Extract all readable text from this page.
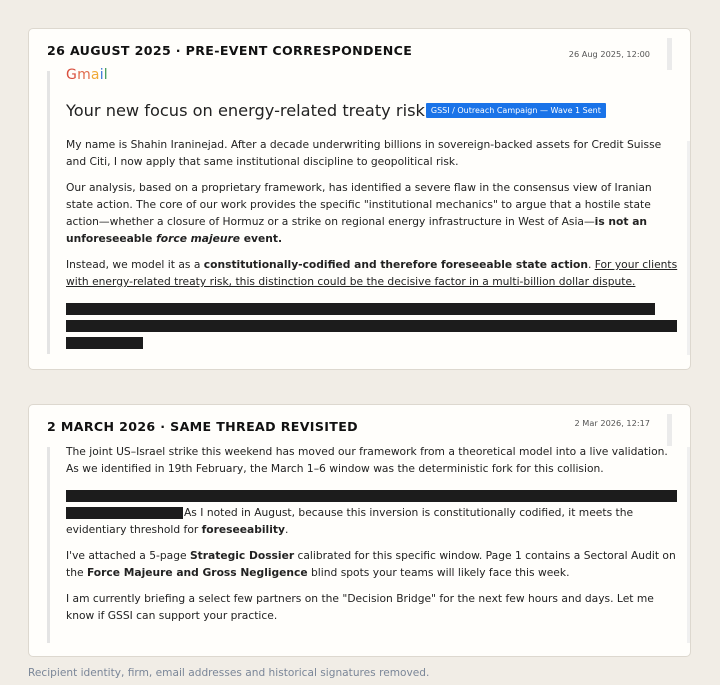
26 AUGUST 2025 · PRE-EVENT CORRESPONDENCE	26 Aug 2025, 12:00
Gmail
Your new focus on energy-related treaty risk GSSI / Outreach Campaign — Wave 1 Sent

My name is Shahin Iraninejad. After a decade underwriting billions in sovereign-backed assets for Credit Suisse and Citi, I now apply that same institutional discipline to geopolitical risk.

Our analysis, based on a proprietary framework, has identified a severe flaw in the consensus view of Iranian state action. The core of our work provides the specific "institutional mechanics" to argue that a hostile state action—whether a closure of Hormuz or a strike on regional energy infrastructure in West of Asia—is not an unforeseeable force majeure event.

Instead, we model it as a constitutionally-codified and therefore foreseeable state action. For your clients with energy-related treaty risk, this distinction could be the decisive factor in a multi-billion dollar dispute.

2 MARCH 2026 · SAME THREAD REVISITED	2 Mar 2026, 12:17

The joint US–Israel strike this weekend has moved our framework from a theoretical model into a live validation. As we identified in 19th February, the March 1–6 window was the deterministic fork for this collision.

As I noted in August, because this inversion is constitutionally codified, it meets the evidentiary threshold for foreseeability.

I've attached a 5-page Strategic Dossier calibrated for this specific window. Page 1 contains a Sectoral Audit on the Force Majeure and Gross Negligence blind spots your teams will likely face this week.

I am currently briefing a select few partners on the "Decision Bridge" for the next few hours and days. Let me know if GSSI can support your practice.

Recipient identity, firm, email addresses and historical signatures removed.
